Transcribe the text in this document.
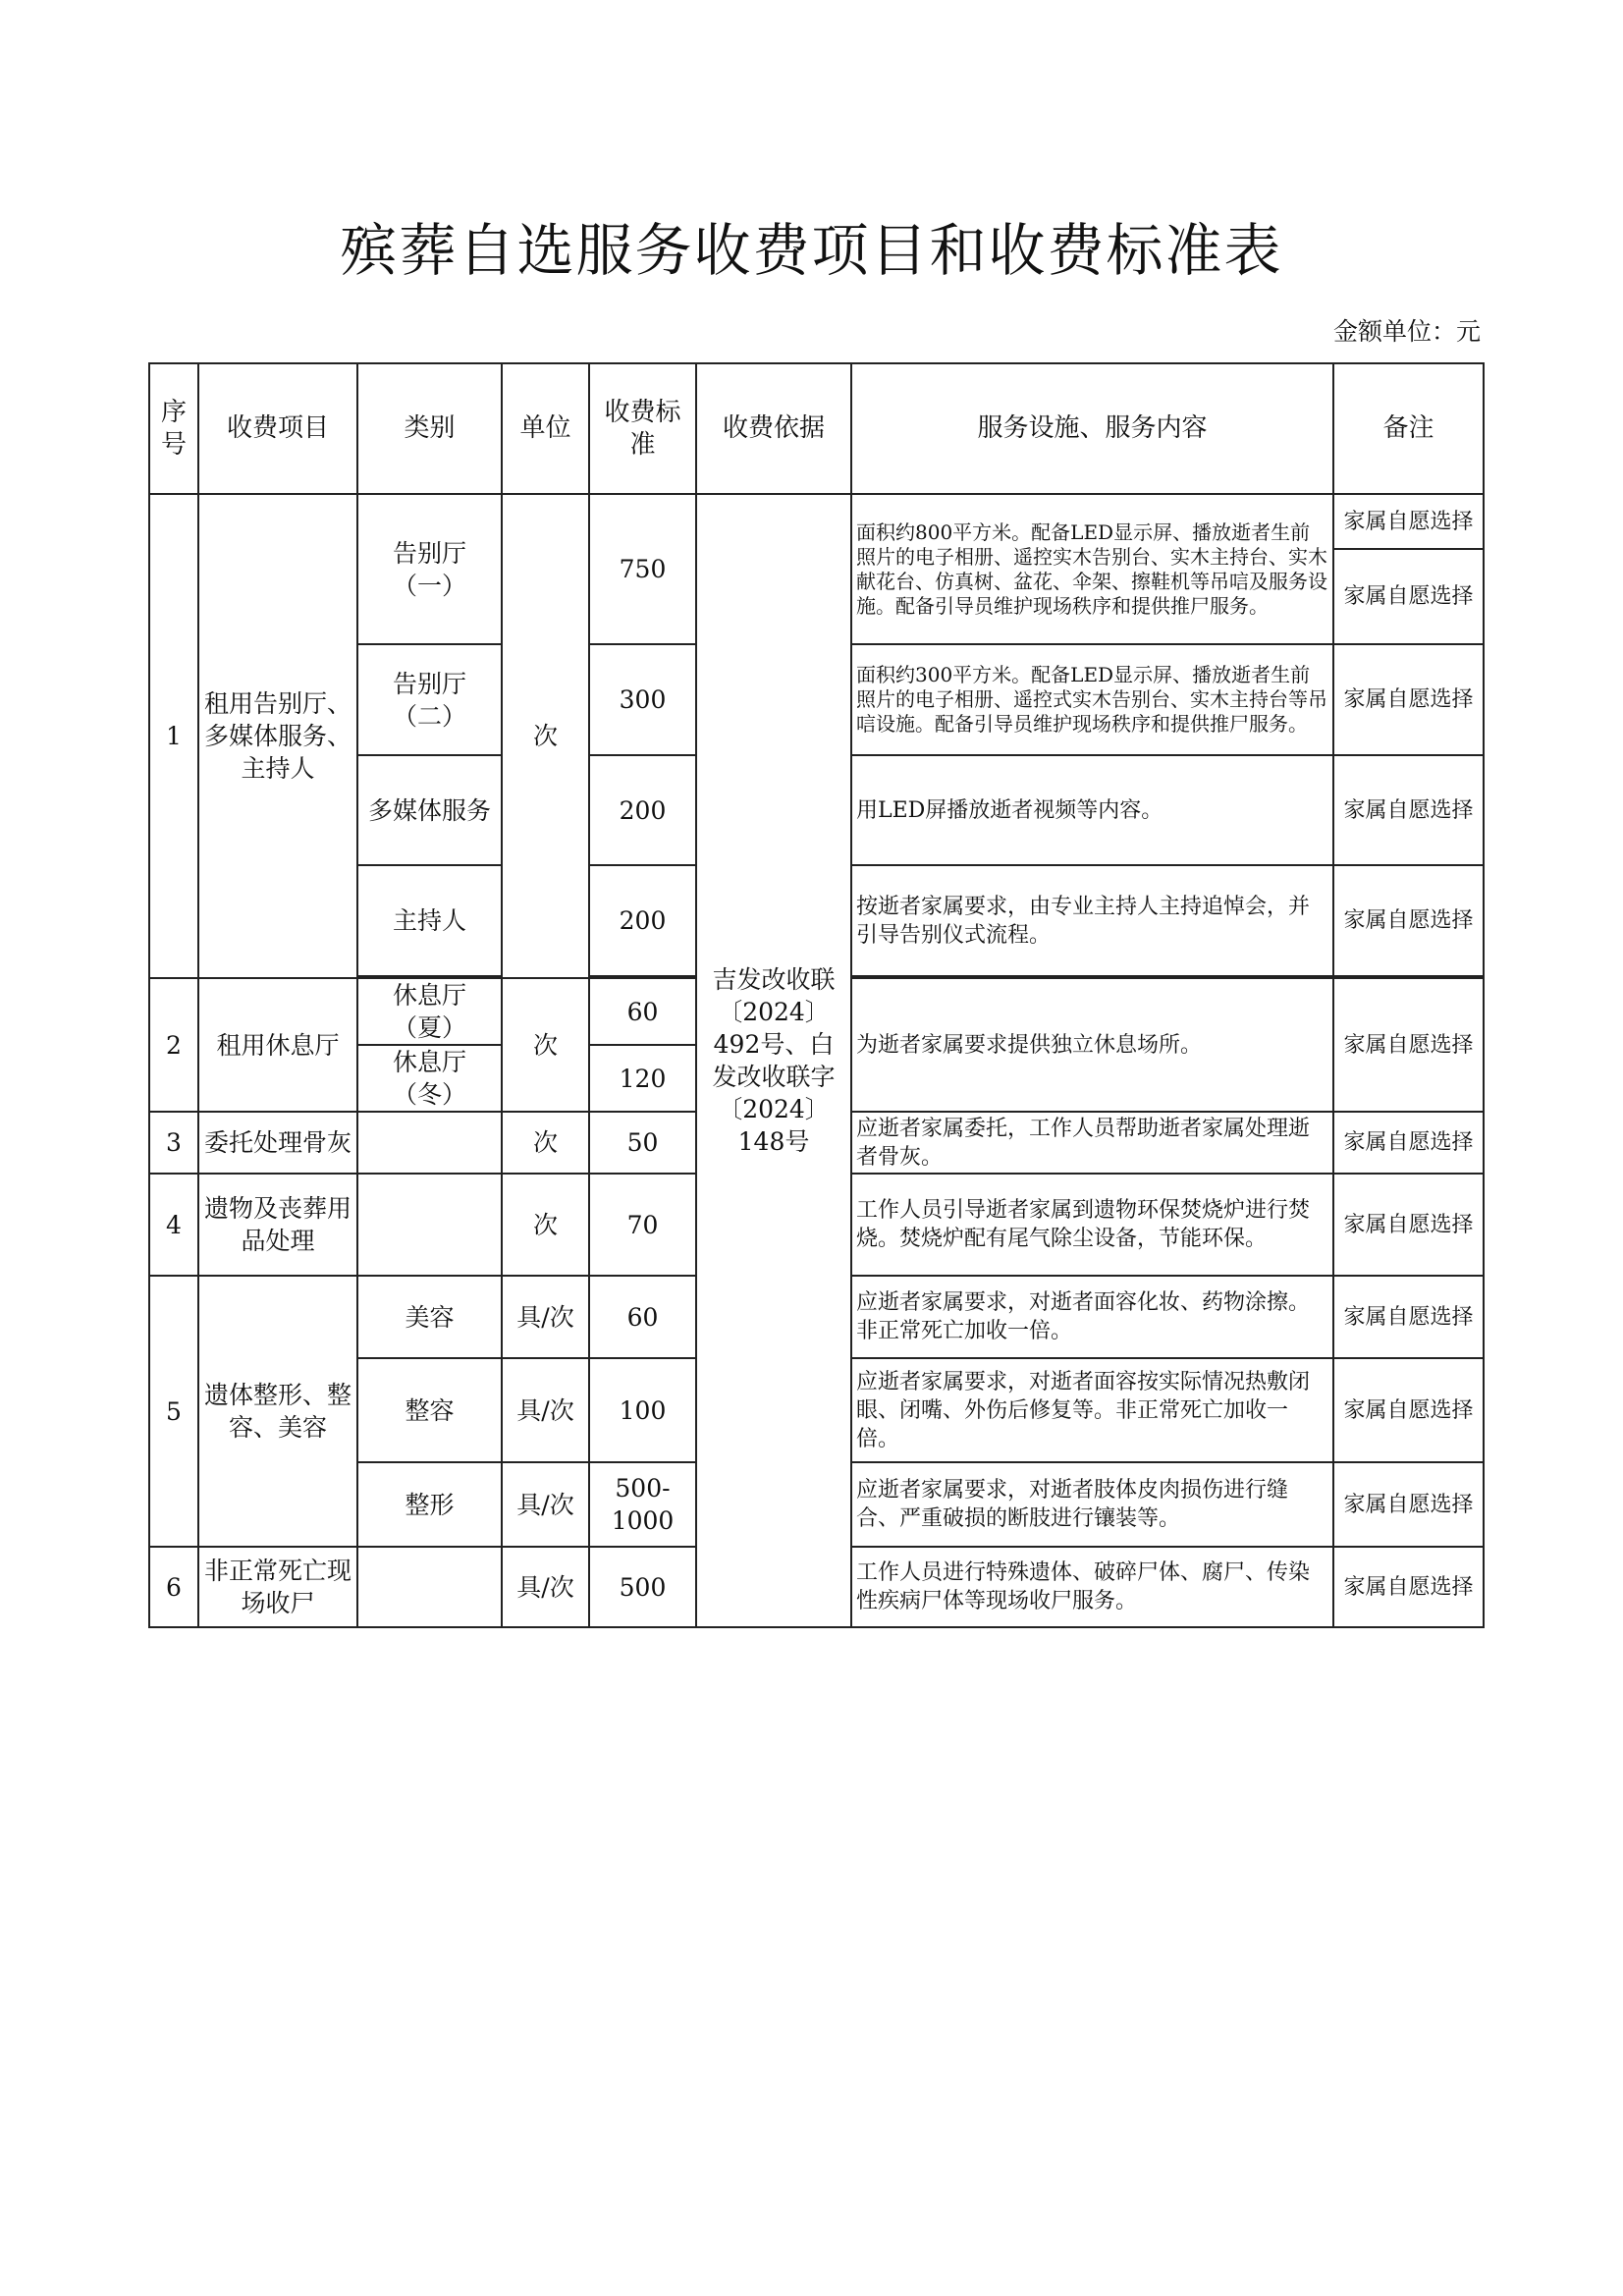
殡葬自选服务收费项目和收费标准表
金额单位：元
序号	收费项目	类别	单位	收费标准	收费依据	服务设施、服务内容	备注
1	租用告别厅、多媒体服务、主持人	告别厅（一）	次	750	吉发改收联〔2024〕492号、白发改收联字〔2024〕148号	面积约800平方米。配备LED显示屏、播放逝者生前照片的电子相册、遥控实木告别台、实木主持台、实木献花台、仿真树、盆花、伞架、擦鞋机等吊唁及服务设施。配备引导员维护现场秩序和提供推尸服务。	家属自愿选择
							家属自愿选择
		告别厅（二）		300		面积约300平方米。配备LED显示屏、播放逝者生前照片的电子相册、遥控式实木告别台、实木主持台等吊唁设施。配备引导员维护现场秩序和提供推尸服务。	家属自愿选择
		多媒体服务		200		用LED屏播放逝者视频等内容。	家属自愿选择
		主持人		200		按逝者家属要求，由专业主持人主持追悼会，并引导告别仪式流程。	家属自愿选择

2	租用休息厅	休息厅（夏）	次	60		为逝者家属要求提供独立休息场所。	家属自愿选择
		休息厅（冬）		120			
3	委托处理骨灰		次	50		应逝者家属委托，工作人员帮助逝者家属处理逝者骨灰。	家属自愿选择
4	遗物及丧葬用品处理		次	70		工作人员引导逝者家属到遗物环保焚烧炉进行焚烧。焚烧炉配有尾气除尘设备，节能环保。	家属自愿选择
5	遗体整形、整容、美容	美容	具/次	60		应逝者家属要求，对逝者面容化妆、药物涂擦。非正常死亡加收一倍。	家属自愿选择
		整容	具/次	100		应逝者家属要求，对逝者面容按实际情况热敷闭眼、闭嘴、外伤后修复等。非正常死亡加收一倍。	家属自愿选择
		整形	具/次	500-1000		应逝者家属要求，对逝者肢体皮肉损伤进行缝合、严重破损的断肢进行镶装等。	家属自愿选择
6	非正常死亡现场收尸		具/次	500		工作人员进行特殊遗体、破碎尸体、腐尸、传染性疾病尸体等现场收尸服务。	家属自愿选择
